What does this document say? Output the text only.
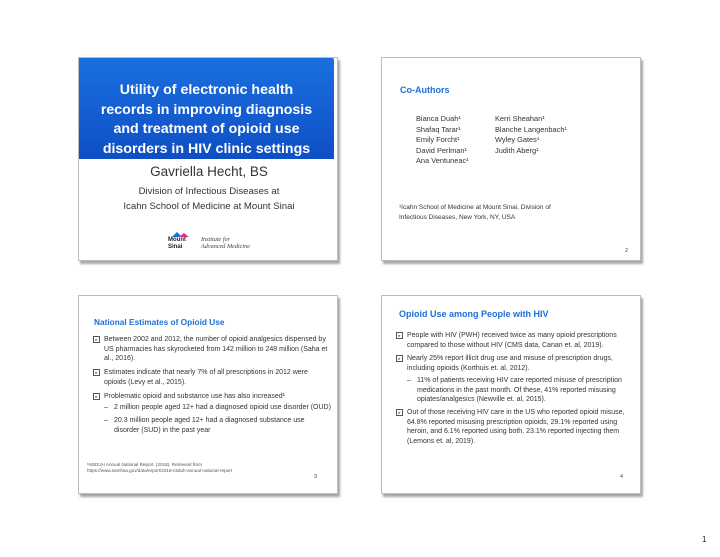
Utility of electronic health
records in improving diagnosis
and treatment of opioid use
disorders in HIV clinic settings
Gavriella Hecht, BS
Division of Infectious Diseases at
Icahn School of Medicine at Mount Sinai
Mount
Sinai
Institute for
Advanced Medicine
Co-Authors
Bianca Duah¹	Kerri Sheahan¹
Shafaq Tarar¹	Blanche Langenbach¹
Emily Forcht¹	Wyley Gates¹
David Perlman¹	Judith Aberg¹
Ana Ventuneac¹
¹Icahn School of Medicine at Mount Sinai, Division of
Infectious Diseases, New York, NY, USA
2
National Estimates of Opioid Use
▸ Between 2002 and 2012, the number of opioid analgesics dispensed by US pharmacies has skyrocketed from 142 million to 248 million (Saha et al., 2016).
▸ Estimates indicate that nearly 7% of all prescriptions in 2012 were opioids (Levy et al., 2015).
▸ Problematic opioid and substance use has also increased¹
– 2 million people aged 12+ had a diagnosed opioid use disorder (OUD)
– 20.3 million people aged 12+ had a diagnosed substance use disorder (SUD) in the past year
¹NSDUH Annual National Report. (2018). Retrieved from
https://www.samhsa.gov/data/report/2018-nsduh-annual-national-report
3
Opioid Use among People with HIV
▸ People with HIV (PWH) received twice as many opioid prescriptions compared to those without HIV (CMS data, Canan et. al, 2019).
▸ Nearly 25% report illicit drug use and misuse of prescription drugs, including opioids (Korthuis et. al, 2012).
– 11% of patients receiving HIV care reported misuse of prescription medications in the past month. Of these, 41% reported misusing opiates/analgesics (Newville et. al, 2015).
▸ Out of those receiving HIV care in the US who reported opioid misuse, 64.8% reported misusing prescription opioids, 29.1% reported using heroin, and 6.1% reported using both. 23.1% reported injecting them (Lemons et. al, 2019).
4
1
